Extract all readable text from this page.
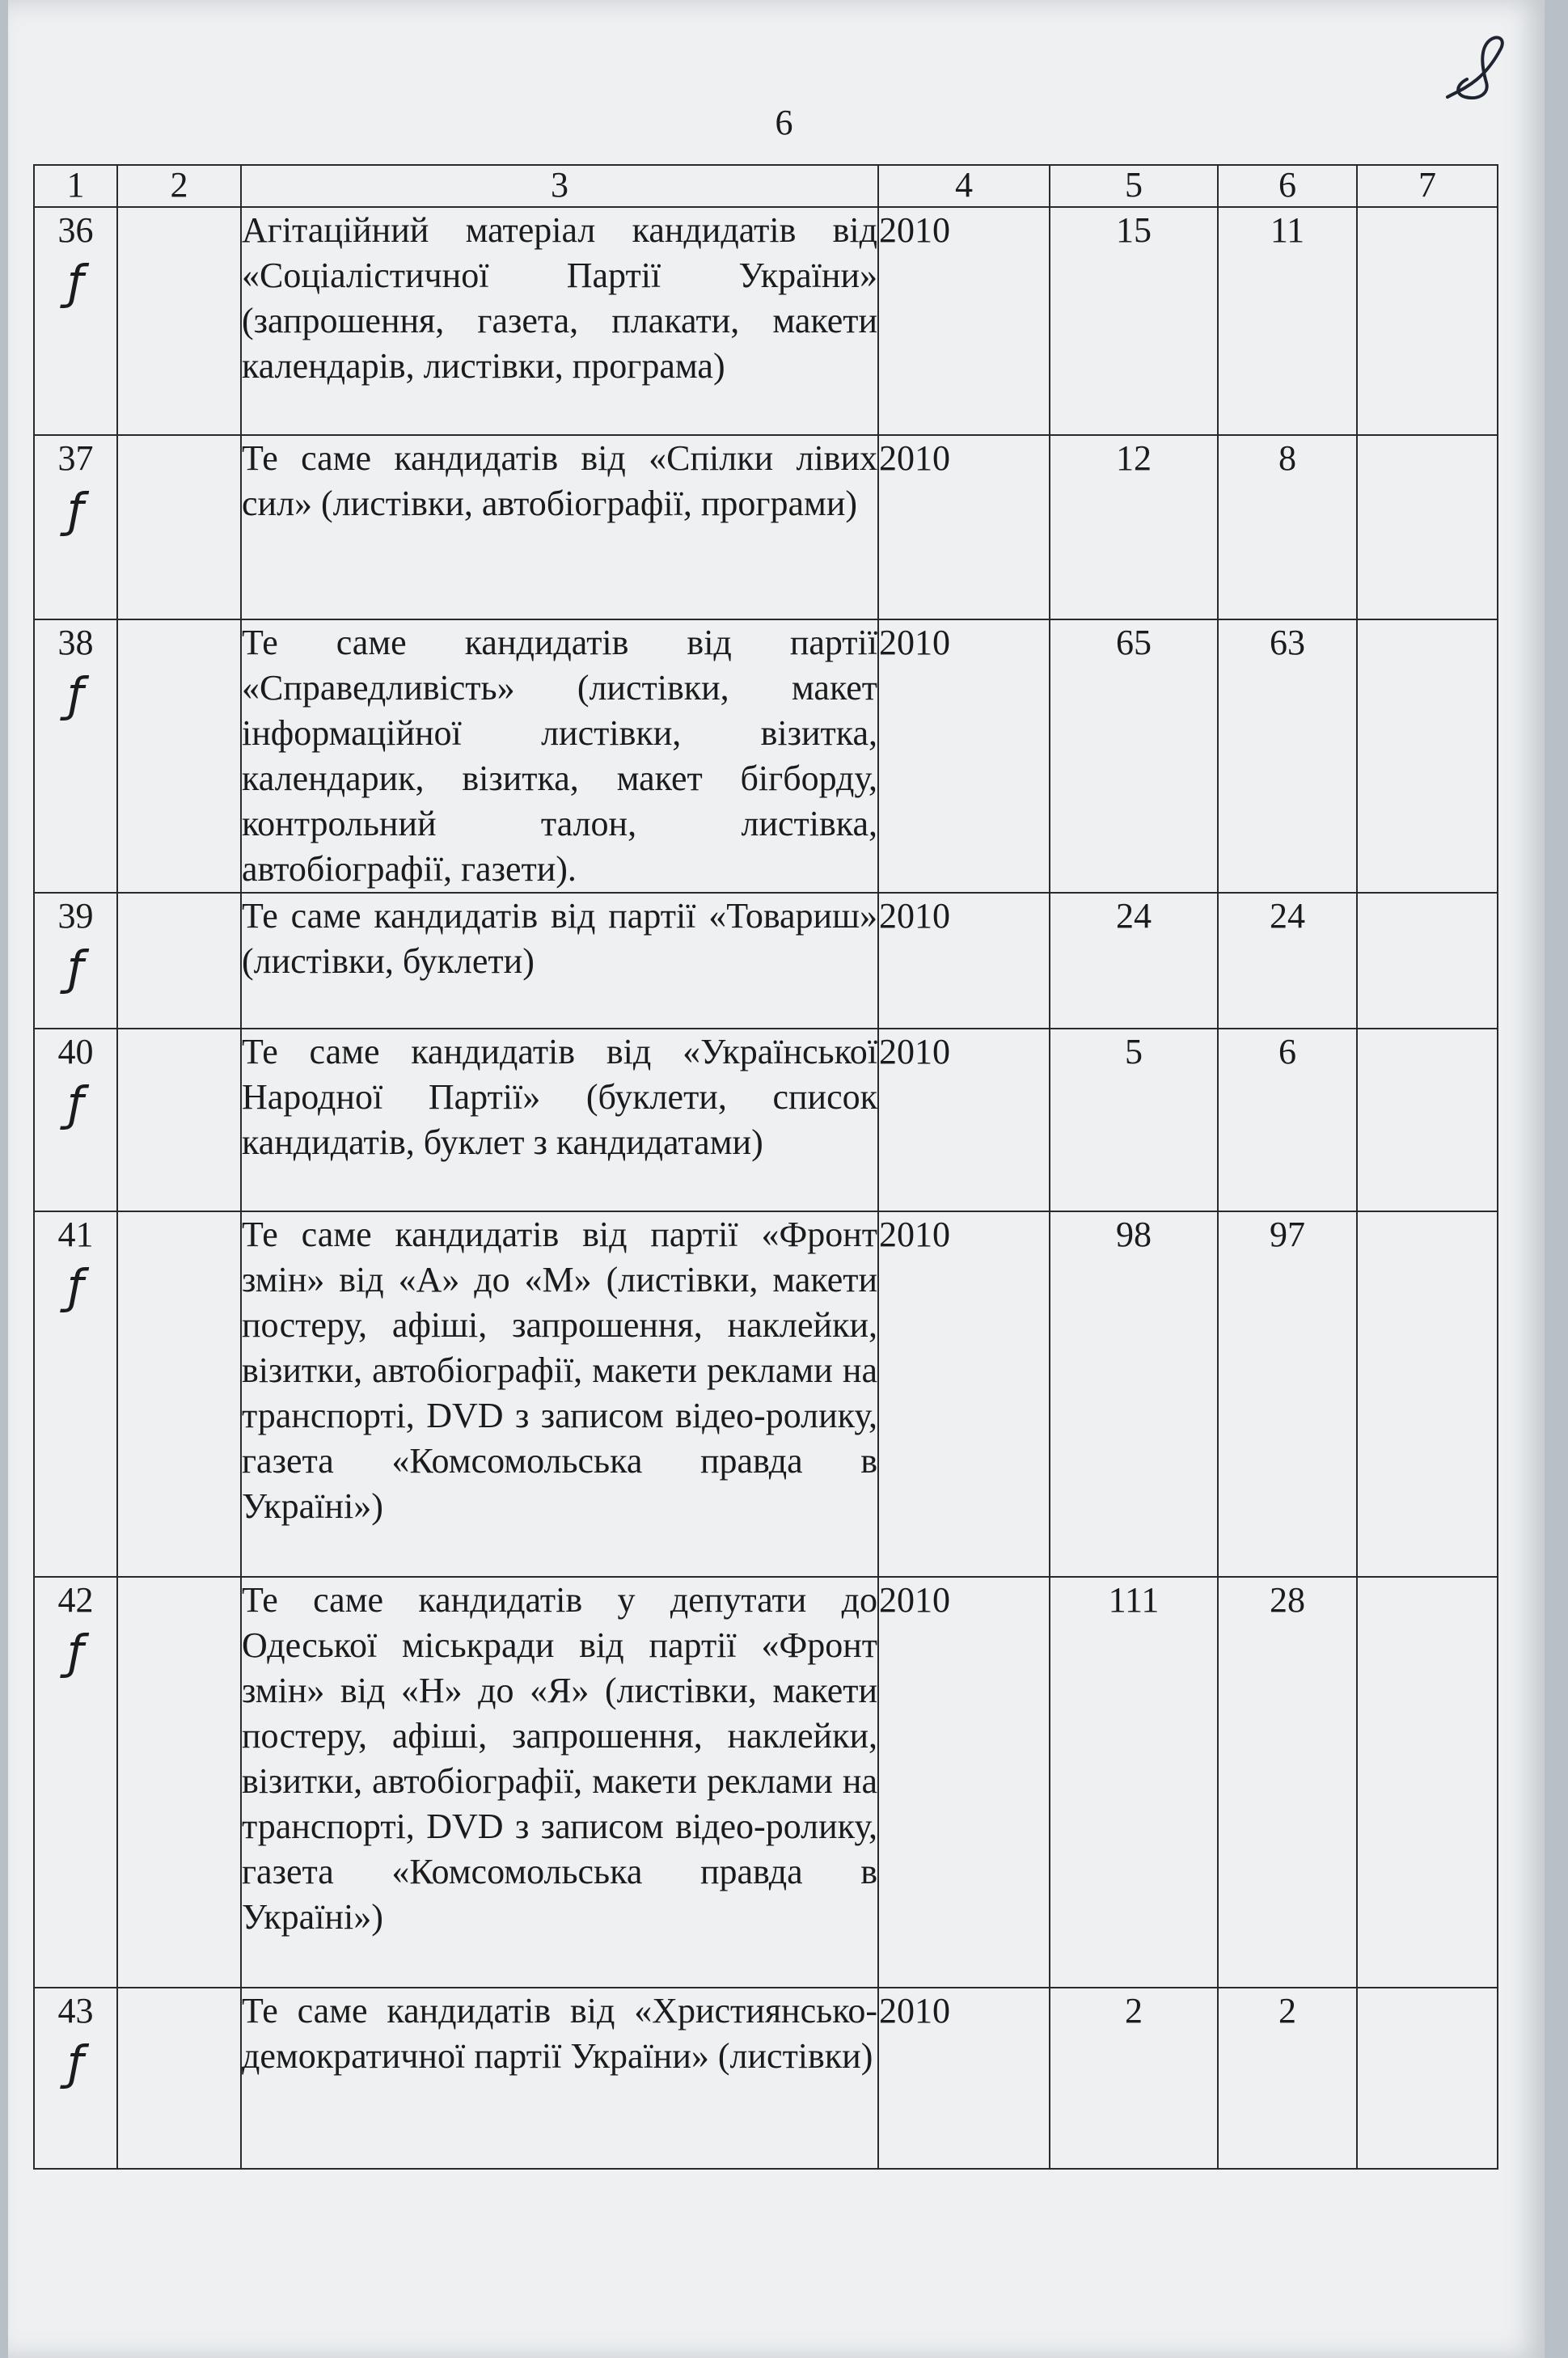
6
1	2	3	4	5	6	7
36
ƒ		Агітаційний матеріал кандидатів від «Соціалістичної Партії України» (запрошення, газета, плакати, макети календарів, листівки, програма)	2010	15	11	
37
ƒ		Те саме кандидатів від «Спілки лівих сил» (листівки, автобіографії, програми)	2010	12	8	
38
ƒ		Те саме кандидатів від партії «Справедливість» (листівки, макет інформаційної листівки, візитка, календарик, візитка, макет бігборду, контрольний талон, листівка, автобіографії, газети).	2010	65	63	
39
ƒ		Те саме кандидатів від партії «Товариш» (листівки, буклети)	2010	24	24	
40
ƒ		Те саме кандидатів від «Української Народної Партії» (буклети, список кандидатів, буклет з кандидатами)	2010	5	6	
41
ƒ		Те саме кандидатів від партії «Фронт змін» від «А» до «М» (листівки, макети постеру, афіші, запрошення, наклейки, візитки, автобіографії, макети реклами на транспорті, DVD з записом відео-ролику, газета «Комсомольська правда в Україні»)	2010	98	97	
42
ƒ		Те саме кандидатів у депутати до Одеської міськради від партії «Фронт змін» від «Н» до «Я» (листівки, макети постеру, афіші, запрошення, наклейки, візитки, автобіографії, макети реклами на транспорті, DVD з записом відео-ролику, газета «Комсомольська правда в Україні»)	2010	111	28	
43
ƒ		Те саме кандидатів від «Християнсько-демократичної партії України» (листівки)	2010	2	2	
